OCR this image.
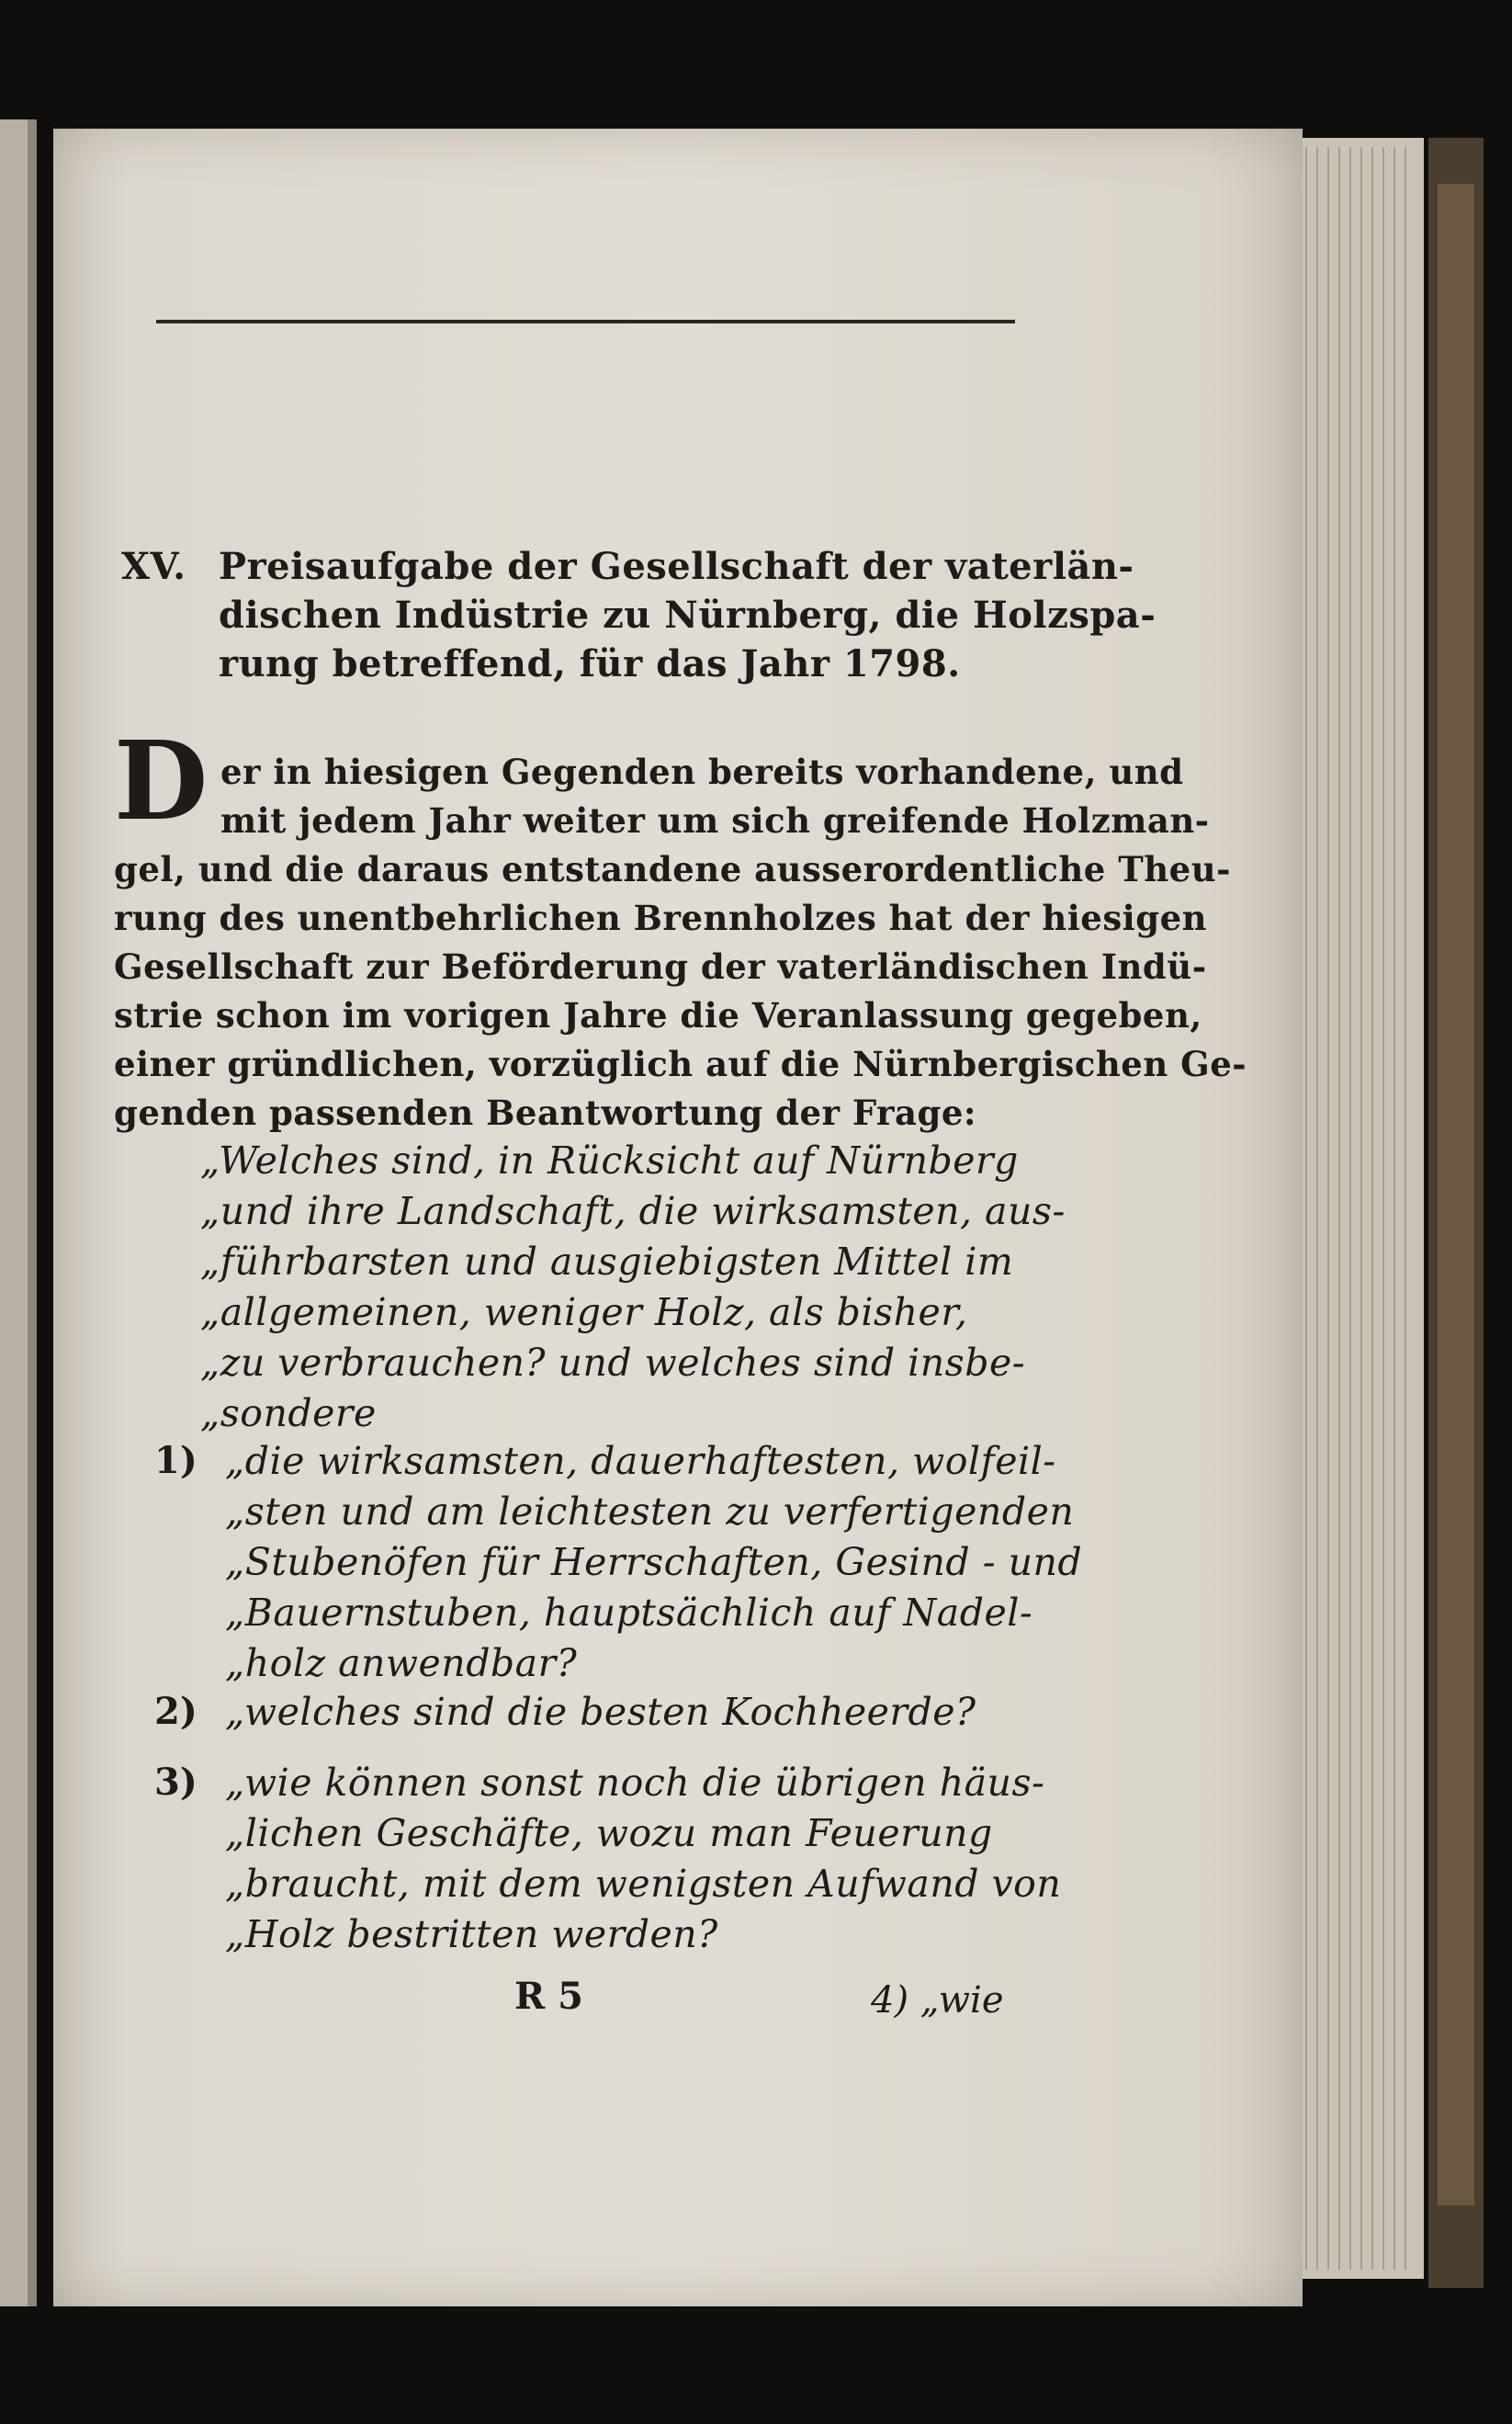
XV. Preisaufgabe der Gesellschaft der vaterlän-
dischen Indüstrie zu Nürnberg, die Holzspa-
rung betreffend, für das Jahr 1798.
D er in hiesigen Gegenden bereits vorhandene, und
mit jedem Jahr weiter um sich greifende Holzman-
gel, und die daraus entstandene ausserordentliche Theu-
rung des unentbehrlichen Brennholzes hat der hiesigen
Gesellschaft zur Beförderung der vaterländischen Indü-
strie schon im vorigen Jahre die Veranlassung gegeben,
einer gründlichen, vorzüglich auf die Nürnbergischen Ge-
genden passenden Beantwortung der Frage:
„Welches sind, in Rücksicht auf Nürnberg
„und ihre Landschaft, die wirksamsten, aus-
„führbarsten und ausgiebigsten Mittel im
„allgemeinen, weniger Holz, als bisher,
„zu verbrauchen? und welches sind insbe-
„sondere
1) „die wirksamsten, dauerhaftesten, wolfeil-
„sten und am leichtesten zu verfertigenden
„Stubenöfen für Herrschaften, Gesind - und
„Bauernstuben, hauptsächlich auf Nadel-
„holz anwendbar?
2) „welches sind die besten Kochheerde?
3) „wie können sonst noch die übrigen häus-
„lichen Geschäfte, wozu man Feuerung
„braucht, mit dem wenigsten Aufwand von
„Holz bestritten werden?
R 5	4) „wie
